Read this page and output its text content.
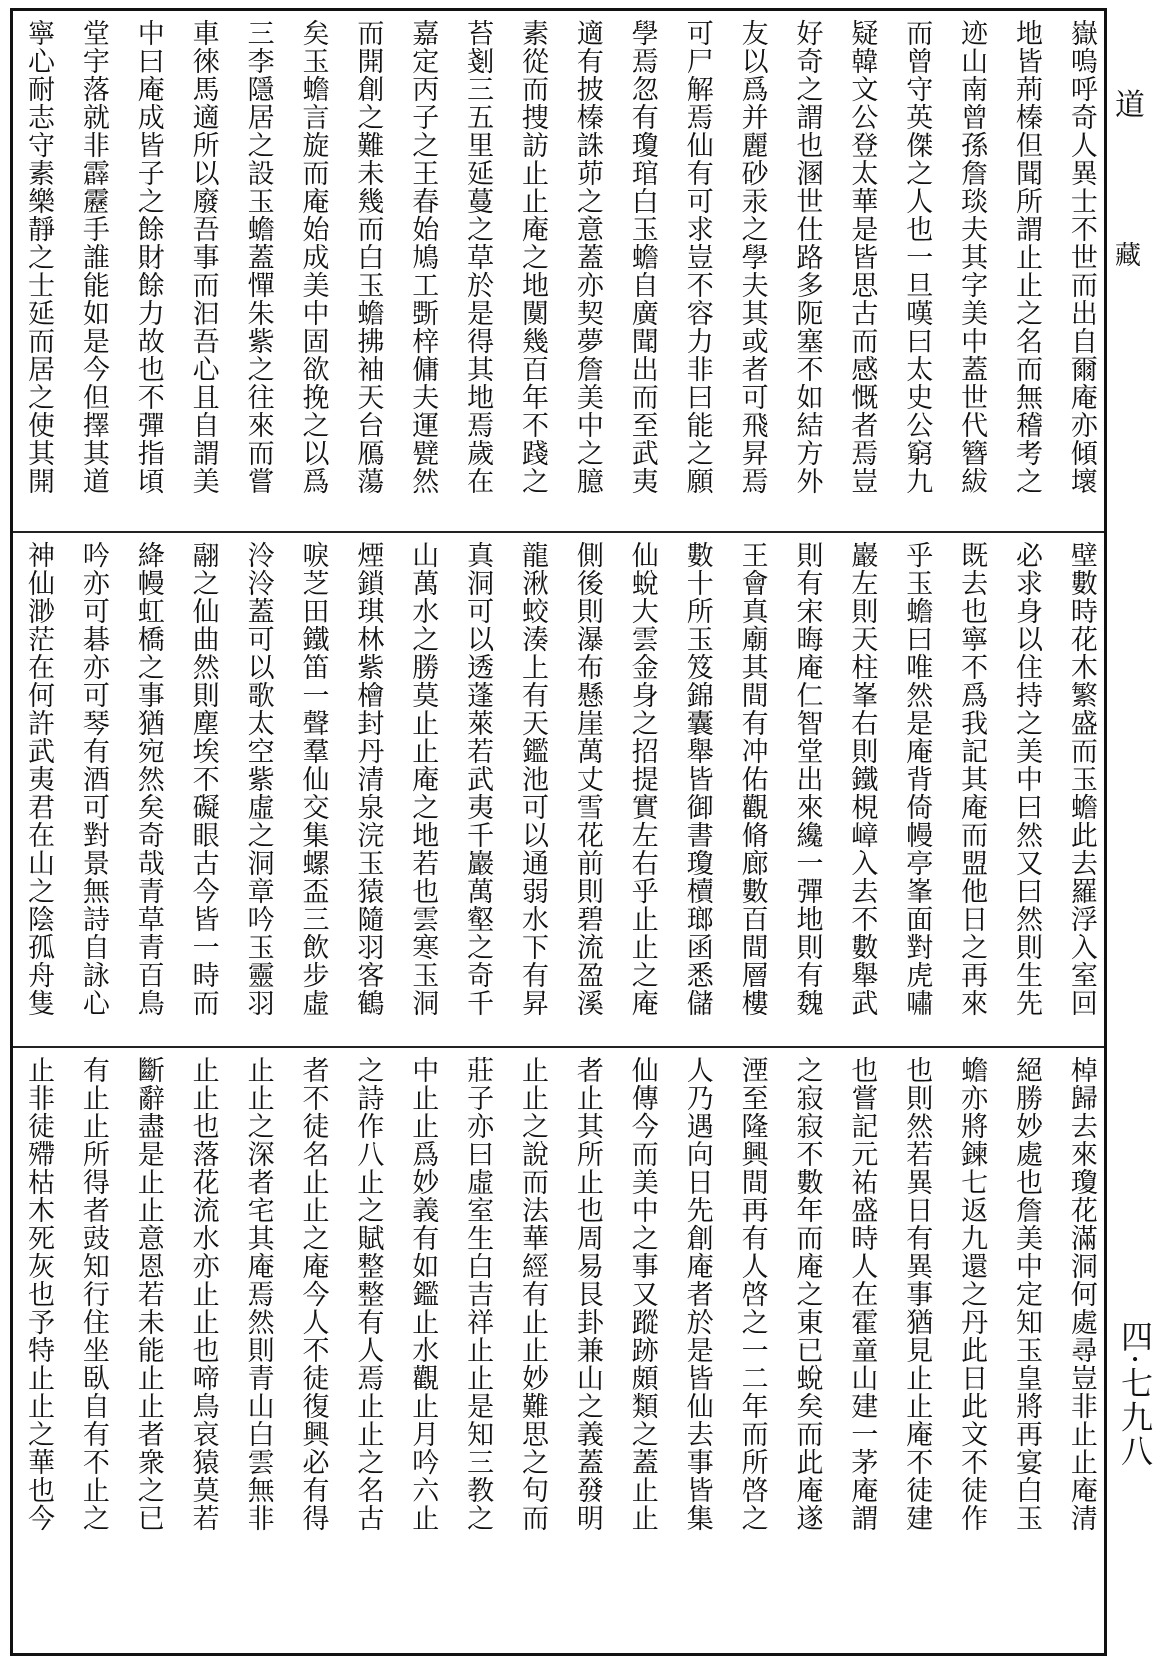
道
藏
四·七九八
嶽嗚呼奇人異士不世而出自爾庵亦傾壞
地皆荊榛但聞所謂止止之名而無稽考之
迹山南曾孫詹琰夫其字美中蓋世代簪紱
而曾守英傑之人也一旦嘆曰太史公窮九
疑韓文公登太華是皆思古而感慨者焉豈
好奇之謂也溷世仕路多阨塞不如結方外
友以爲并麗砂汞之學夫其或者可飛昇焉
可尸解焉仙有可求豈不容力非曰能之願
學焉忽有瓊琯白玉蟾自廣聞出而至武夷
適有披榛誅茆之意蓋亦契夢詹美中之臆
素從而捜訪止止庵之地闃幾百年不踐之
苔剗三五里延蔓之草於是得其地焉歲在
嘉定丙子之王春始鳩工斲梓傭夫運甓然
而開創之難未幾而白玉蟾拂袖天台鴈蕩
矣玉蟾言旋而庵始成美中固欲挽之以爲
三李隱居之設玉蟾蓋憚朱紫之往來而嘗
車徠馬適所以廢吾事而汩吾心且自謂美
中曰庵成皆子之餘財餘力故也不彈指頃
堂宇落就非霹靂手誰能如是今但擇其道
寧心耐志守素樂靜之士延而居之使其開
壁數時花木繁盛而玉蟾此去羅浮入室回
必求身以住持之美中曰然又曰然則生先
既去也寧不爲我記其庵而盟他日之再來
乎玉蟾曰唯然是庵背倚幔亭峯面對虎嘯
巖左則天柱峯右則鐵梘嶂入去不數舉武
則有宋晦庵仁智堂出來纔一彈地則有魏
王會真廟其間有冲佑觀脩廊數百間層樓
數十所玉笈錦囊舉皆御書瓊櫝瑯函悉儲
仙蛻大雲金身之招提實左右乎止止之庵
側後則瀑布懸崖萬丈雪花前則碧流盈溪
龍湫蛟湊上有天鑑池可以通弱水下有昇
真洞可以透蓬萊若武夷千巖萬壑之奇千
山萬水之勝莫止止庵之地若也雲寒玉洞
煙鎖琪林紫檜封丹清泉浣玉猿隨羽客鶴
唳芝田鐵笛一聲羣仙交集螺盃三飲步虛
泠泠蓋可以歌太空紫虛之洞章吟玉靈羽
翮之仙曲然則塵埃不礙眼古今皆一時而
絳幔虹橋之事猶宛然矣奇哉青草青百鳥
吟亦可碁亦可琴有酒可對景無詩自詠心
神仙渺茫在何許武夷君在山之陰孤舟隻
棹歸去來瓊花滿洞何處尋豈非止止庵清
絕勝妙處也詹美中定知玉皇將再宴白玉
蟾亦將鍊七返九還之丹此日此文不徒作
也則然若異日有異事猶見止止庵不徒建
也嘗記元祐盛時人在霍童山建一茅庵謂
之寂寂不數年而庵之東已蛻矣而此庵遂
湮至隆興間再有人啓之一二年而所啓之
人乃遇向日先創庵者於是皆仙去事皆集
仙傳今而美中之事又蹤跡頗類之蓋止止
者止其所止也周易艮卦兼山之義蓋發明
止止之說而法華經有止止妙難思之句而
莊子亦曰虛室生白吉祥止止是知三教之
中止止爲妙義有如鑑止水觀止月吟六止
之詩作八止之賦整整有人焉止止之名古
者不徒名止止之庵今人不徒復興必有得
止止之深者宅其庵焉然則青山白雲無非
止止也落花流水亦止止也啼鳥哀猿莫若
斷辭盡是止止意恩若未能止止者衆之已
有止止所得者豉知行住坐臥自有不止之
止非徒殢枯木死灰也予特止止之華也今
